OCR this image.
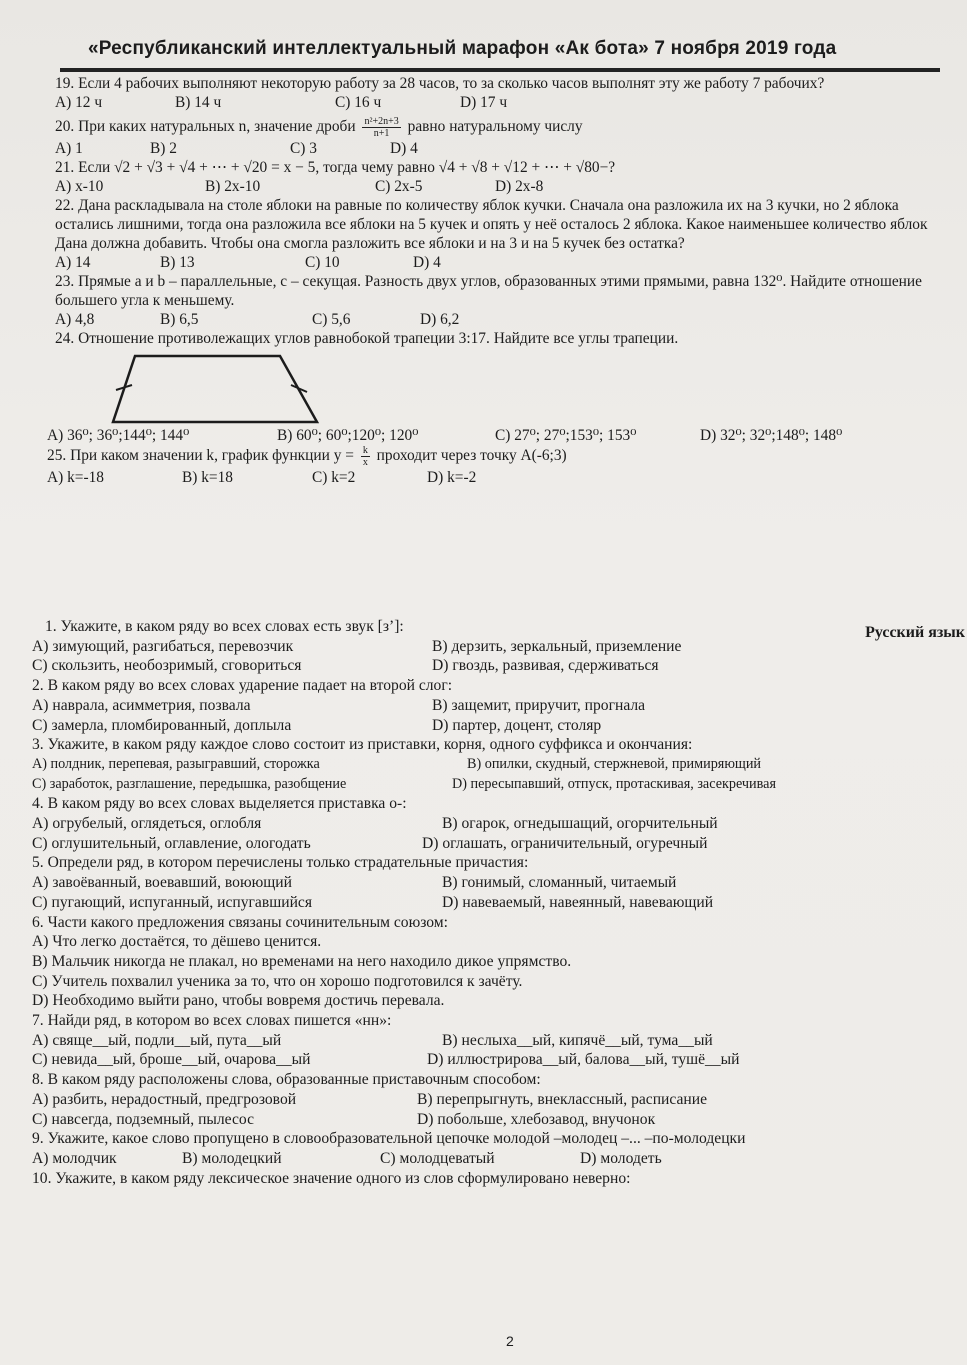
«Республиканский интеллектуальный марафон «Ак бота» 7 ноября 2019 года

19. Если 4 рабочих выполняют некоторую работу за 28 часов, то за сколько часов выполнят эту же работу 7 рабочих?

A) 12 ч	B) 14 ч	C) 16 ч	D) 17 ч

20. При каких натуральных n, значение дроби $\frac{\text{n²+2n+3}}{n+1}$ равно натуральному числу

A) 1	B) 2	C) 3	D) 4

21. Если √2 + √3 + √4 + ⋯ + √20 = x − 5, тогда чему равно √4 + √8 + √12 + ⋯ + √80−?

A) x-10	B) 2x-10	C) 2x-5	D) 2x-8

22. Дана раскладывала на столе яблоки на равные по количеству яблок кучки. Сначала она разложила их на 3 кучки, но 2 яблока остались лишними, тогда она разложила все яблоки на 5 кучек и опять у неё осталось 2 яблока. Какое наименьшее количество яблок Дана должна добавить. Чтобы она смогла разложить все яблоки и на 3 и на 5 кучек без остатка?

A) 14	B) 13	C) 10	D) 4

23. Прямые a и b – параллельные, c – секущая. Разность двух углов, образованных этими прямыми, равна 132⁰. Найдите отношение большего угла к меньшему.

A) 4,8	B) 6,5	C) 5,6	D) 6,2

24. Отношение противолежащих углов равнобокой трапеции 3:17. Найдите все углы трапеции.

A) 36⁰; 36⁰;144⁰; 144⁰	B) 60⁰; 60⁰;120⁰; 120⁰	C) 27⁰; 27⁰;153⁰; 153⁰	D) 32⁰; 32⁰;148⁰; 148⁰

25. При каком значении k, график функции $y = \frac{k}{x}$ проходит через точку A(-6;3)

A) k=-18	B) k=18	C) k=2	D) k=-2
Русский язык

1. Укажите, в каком ряду во всех словах есть звук [з’]:

A) зимующий, разгибаться, перевозчик	B) дерзить, зеркальный, приземление
C) скользить, необозримый, сговориться	D) гвоздь, развивая, сдерживаться

2. В каком ряду во всех словах ударение падает на второй слог:

A) наврала, асимметрия, позвала	B) защемит, приручит, прогнала
C) замерла, пломбированный, доплыла	D) партер, доцент, столяр

3. Укажите, в каком ряду каждое слово состоит из приставки, корня, одного суффикса и окончания:

A) полдник, перепевая, разыгравший, сторожка	B) опилки, скудный, стержневой, примиряющий
C) заработок, разглашение, передышка, разобщение	D) пересыпавший, отпуск, протаскивая, засекречивая

4. В каком ряду во всех словах выделяется приставка о-:

A) огрубелый, оглядеться, оглобля	B) огарок, огнедышащий, огорчительный
C) оглушительный, оглавление, ологодать	D) оглашать, ограничительный, огуречный

5. Определи ряд, в котором перечислены только страдательные причастия:

A) завоёванный, воевавший, воюющий	B) гонимый, сломанный, читаемый
C) пугающий, испуганный, испугавшийся	D) навеваемый, навеянный, навевающий

6. Части какого предложения связаны сочинительным союзом:

A) Что легко достаётся, то дёшево ценится.
B) Мальчик никогда не плакал, но временами на него находило дикое упрямство.
C) Учитель похвалил ученика за то, что он хорошо подготовился к зачёту.
D) Необходимо выйти рано, чтобы вовремя достичь перевала.

7. Найди ряд, в котором во всех словах пишется «нн»:

A) свяще__ый, подли__ый, пута__ый	B) неслыха__ый, кипячё__ый, тума__ый
C) невида__ый, броше__ый, очарова__ый	D) иллюстрирова__ый, балова__ый, тушё__ый

8. В каком ряду расположены слова, образованные приставочным способом:

A) разбить, нерадостный, предгрозовой	B) перепрыгнуть, внеклассный, расписание
C) навсегда, подземный, пылесос	D) побольше, хлебозавод, внучонок

9. Укажите, какое слово пропущено в словообразовательной цепочке молодой –молодец –... –по-молодецки

A) молодчик	B) молодецкий	C) молодцеватый	D) молодеть

10. Укажите, в каком ряду лексическое значение одного из слов сформулировано неверно:

2
